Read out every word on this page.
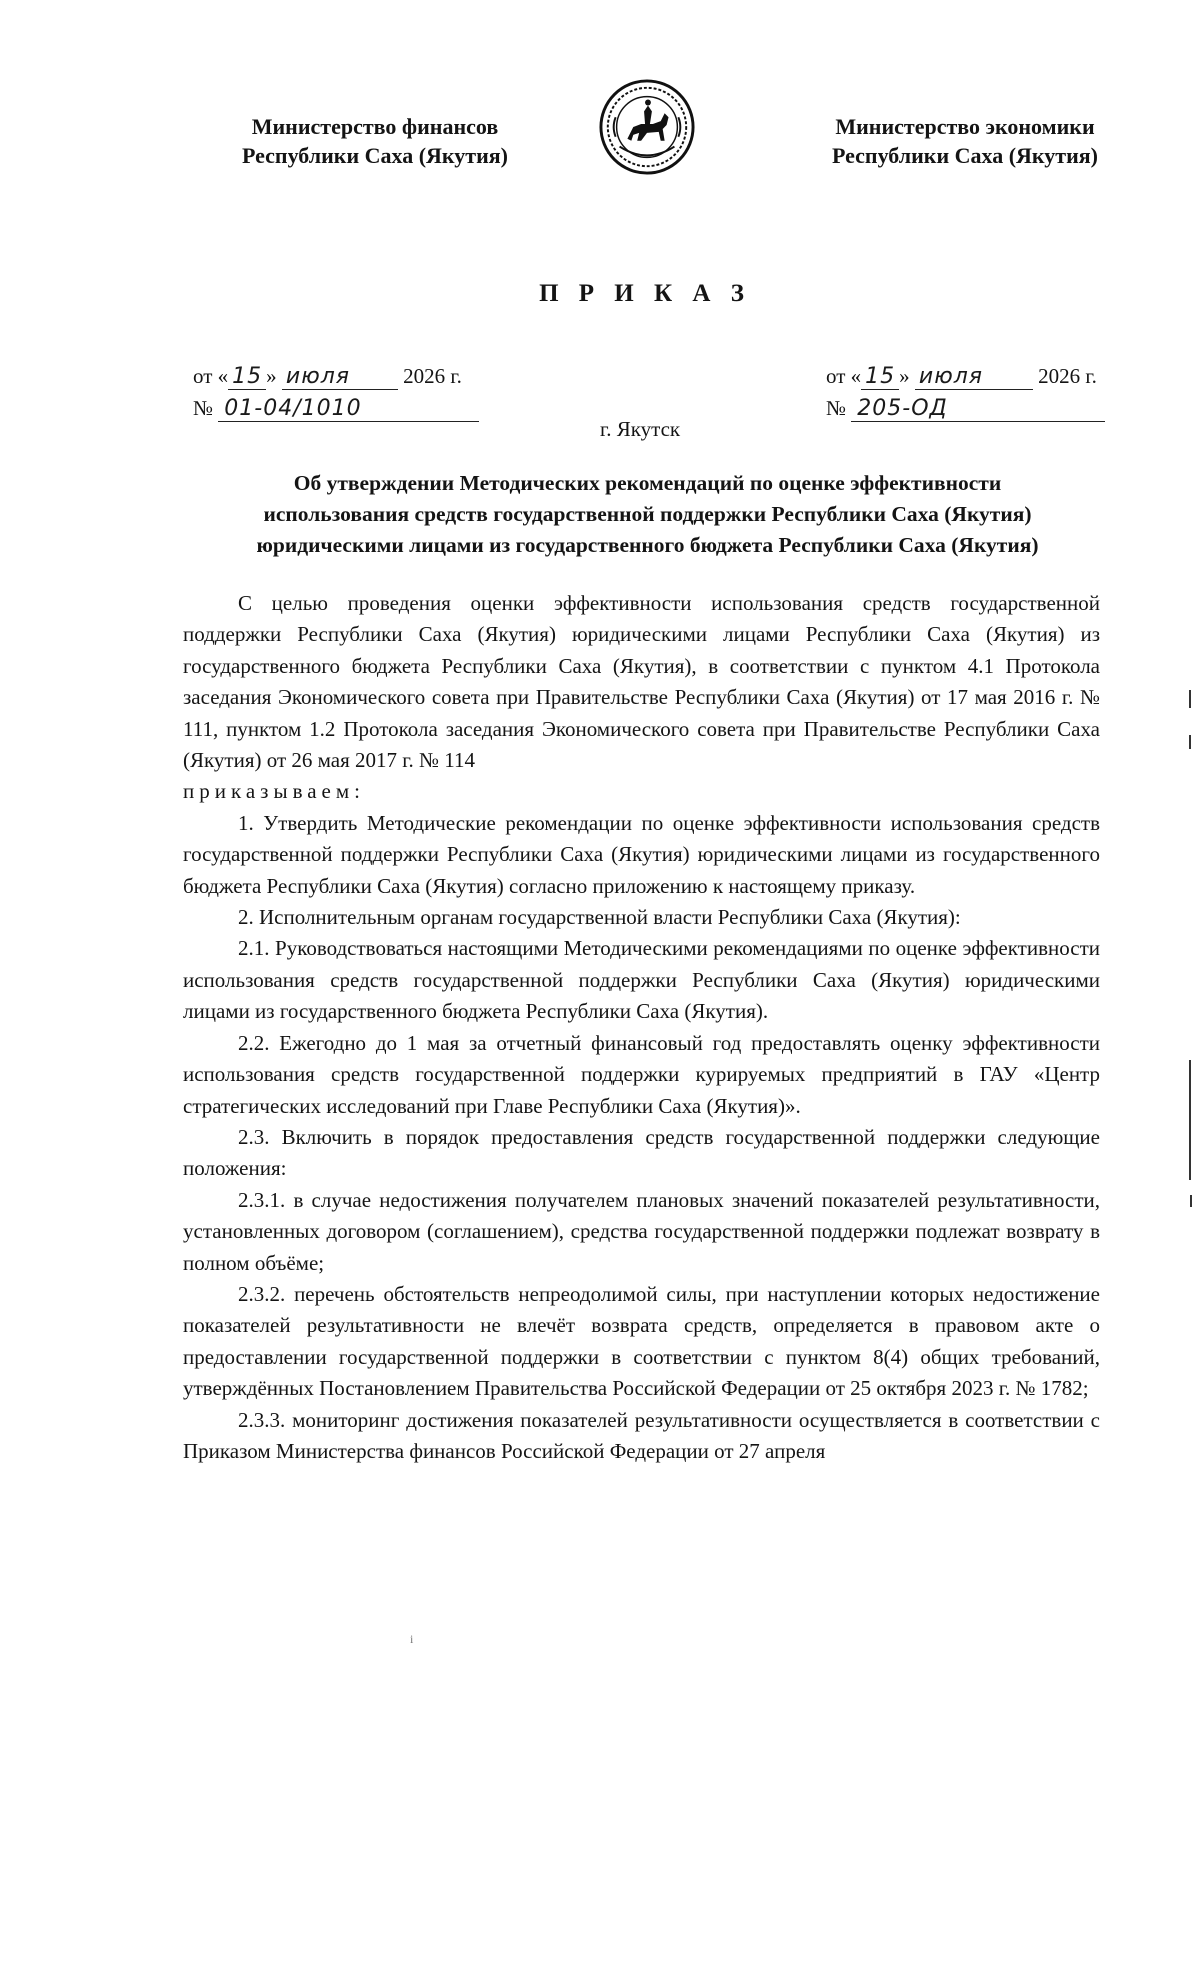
Министерство финансов
Республики Саха (Якутия)
Министерство экономики
Республики Саха (Якутия)
П Р И К А З
от « 15 » июля	2026 г.
№ 01-04/1010
от « 15 » июля	2026 г.
№ 205-ОД
г. Якутск
Об утверждении Методических рекомендаций по оценке эффективности
использования средств государственной поддержки Республики Саха (Якутия)
юридическими лицами из государственного бюджета Республики Саха (Якутия)

С целью проведения оценки эффективности использования средств государственной поддержки Республики Саха (Якутия) юридическими лицами Республики Саха (Якутия) из государственного бюджета Республики Саха (Якутия), в соответствии с пунктом 4.1 Протокола заседания Экономического совета при Правительстве Республики Саха (Якутия) от 17 мая 2016 г. № 111, пунктом 1.2 Протокола заседания Экономического совета при Правительстве Республики Саха (Якутия) от 26 мая 2017 г. № 114

приказываем:

1. Утвердить Методические рекомендации по оценке эффективности использования средств государственной поддержки Республики Саха (Якутия) юридическими лицами из государственного бюджета Республики Саха (Якутия) согласно приложению к настоящему приказу.

2. Исполнительным органам государственной власти Республики Саха (Якутия):

2.1. Руководствоваться настоящими Методическими рекомендациями по оценке эффективности использования средств государственной поддержки Республики Саха (Якутия) юридическими лицами из государственного бюджета Республики Саха (Якутия).

2.2. Ежегодно до 1 мая за отчетный финансовый год предоставлять оценку эффективности использования средств государственной поддержки курируемых предприятий в ГАУ «Центр стратегических исследований при Главе Республики Саха (Якутия)».

2.3. Включить в порядок предоставления средств государственной поддержки следующие положения:

2.3.1. в случае недостижения получателем плановых значений показателей результативности, установленных договором (соглашением), средства государственной поддержки подлежат возврату в полном объёме;

2.3.2. перечень обстоятельств непреодолимой силы, при наступлении которых недостижение показателей результативности не влечёт возврата средств, определяется в правовом акте о предоставлении государственной поддержки в соответствии с пунктом 8(4) общих требований, утверждённых Постановлением Правительства Российской Федерации от 25 октября 2023 г. № 1782;

2.3.3. мониторинг достижения показателей результативности осуществляется в соответствии с Приказом Министерства финансов Российской Федерации от 27 апреля

i
